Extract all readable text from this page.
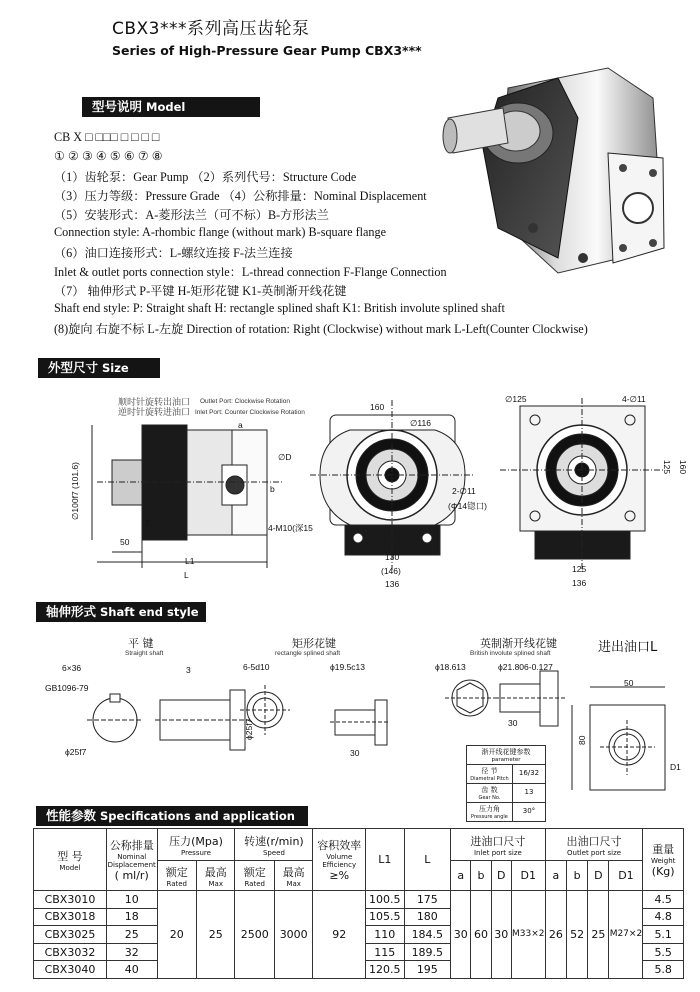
CBX3***系列高压齿轮泵
Series of High-Pressure Gear Pump CBX3***
型号说明 Model Instruction
CB X □ □□□ □ □ □ □
① ② ③ ④ ⑤ ⑥ ⑦ ⑧
（1）齿轮泵：Gear Pump （2）系列代号：Structure Code
（3）压力等级：Pressure Grade （4）公称排量：Nominal Displacement
（5）安装形式：A-菱形法兰（可不标）B-方形法兰
Connection style: A-rhombic flange (without mark) B-square flange
（6）油口连接形式：L-螺纹连接 F-法兰连接
Inlet & outlet ports connection style：L-thread connection F-Flange Connection
（7） 轴伸形式 P-平键 H-矩形花键 K1-英制渐开线花键
Shaft end style: P: Straight shaft H: rectangle splined shaft K1: British involute splined shaft
(8)旋向 右旋不标 L-左旋 Direction of rotation: Right (Clockwise) without mark L-Left(Counter Clockwise)
外型尺寸 Size
顺时针旋转出油口
逆时针旋转进油口
Outlet Port: Clockwise Rotation
Inlet Port: Counter Clockwise Rotation
a
b
∅D
∅100f7 (101.6)
4-M10(深15
7
50
L1
L
160
∅116
2-∅11
(Φ14锪口)
130
(146)
136
∅125	4-∅11
125 160
125
136
轴伸形式 Shaft end style
平 键
Straight shaft
6×36
GB1096-79
3
ϕ25f7
矩形花键
rectangle splined shaft
6-5d10	ϕ19.5c13
ϕ25f7
30
英制渐开线花键
British involute splined shaft
ϕ18.613	ϕ21.806-0.127
30
渐开线花键参数
parameter
径 节
Diametral Pitch
16/32
齿 数
Gear No.
13
压力角
Pressure angle
30°
进出油口L
50
80
D1
性能参数 Specifications and application data
型 号
Model	公称排量
Nominal Displacement
( ml/r)	压力(Mpa)
Pressure		转速(r/min)
Speed		容积效率
Volume Efficiency
≥%	L1	L	进油口尺寸
Inlet port size				出油口尺寸
Outlet port size				重量
Weight
(Kg)
		额定
Rated	最高
Max	额定
Rated	最高
Max				a	b	D	D1	a	b	D	D1	
CBX3010	10	20	25	2500	3000	92	100.5	175	30	60	30	M33×2	26	52	25	M27×2	4.5
CBX3018	18						105.5	180									4.8
CBX3025	25						110	184.5									5.1
CBX3032	32						115	189.5									5.5
CBX3040	40						120.5	195									5.8
